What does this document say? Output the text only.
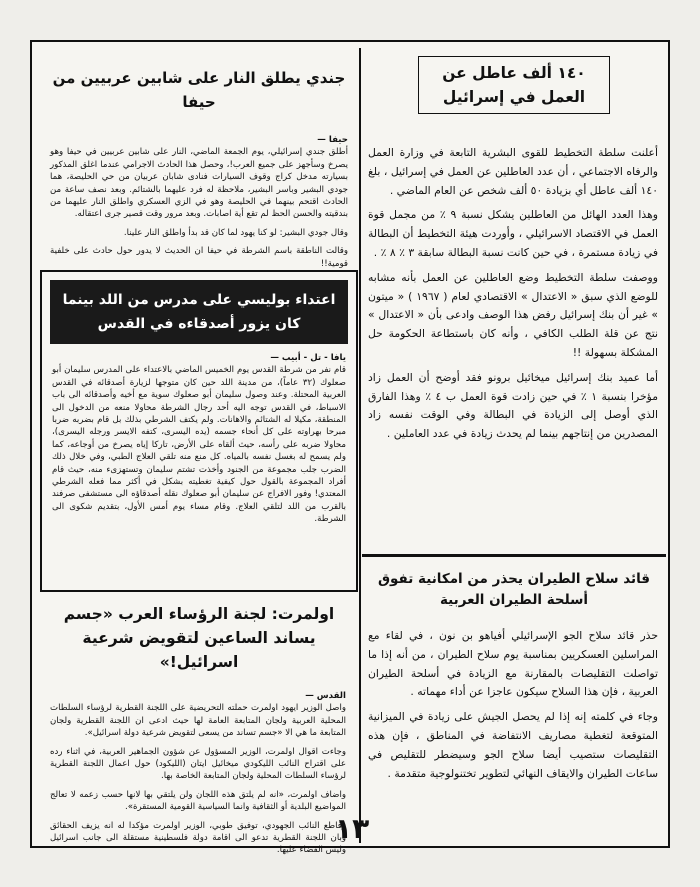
١٤٠ ألف عاطل عن العمل في إسرائيل

أعلنت سلطة التخطيط للقوى البشرية التابعة في وزارة العمل والرفاه الاجتماعي ، أن عدد العاطلين عن العمل في إسرائيل ، بلغ ١٤٠ ألف عاطل أي بزيادة ٥٠ ألف شخص عن العام الماضي .

وهذا العدد الهائل من العاطلين يشكل نسبة ٩ ٪ من مجمل قوة العمل في الاقتصاد الاسرائيلي ، وأوردت هيئة التخطيط أن البطالة في زيادة مستمرة ، في حين كانت نسبة البطالة سابقة ٣ ٪ ٨ ٪ .

ووصفت سلطة التخطيط وضع العاطلين عن العمل بأنه مشابه للوضع الذي سبق « الاعتدال » الاقتصادي لعام ( ١٩٦٧ ) « ميتون » غير أن بنك إسرائيل رفض هذا الوصف وادعى بأن « الاعتدال » نتج عن قلة الطلب الكافي ، وأنه كان باستطاعة الحكومة حل المشكلة بسهولة !!

أما عميد بنك إسرائيل ميخائيل برونو فقد أوضح أن العمل زاد مؤخرا بنسبة ١ ٪ في حين زادت قوة العمل ب ٤ ٪ وهذا الفارق الذي أوصل إلى الزيادة في البطالة وفي الوقت نفسه زاد المصدرين من إنتاجهم بينما لم يحدث زيادة في عدد العاملين .

قائد سلاح الطيران يحذر من امكانية تفوق أسلحة الطيران العربية

حذر قائد سلاح الجو الإسرائيلي أفياهو بن نون ، في لقاء مع المراسلين العسكريين بمناسبة يوم سلاح الطيران ، من أنه إذا ما تواصلت التقليصات بالمقارنة مع الزيادة في أسلحة الطيران العربية ، فإن هذا السلاح سيكون عاجزا عن أداء مهماته .

وجاء في كلمته إنه إذا لم يحصل الجيش على زيادة في الميزانية المتوقعة لتغطية مصاريف الانتفاضة في المناطق ، فإن هذه التقليصات ستصيب أيضا سلاح الجو وسيضطر للتقليص في ساعات الطيران والايقاف النهائي لتطوير تختنولوجية متقدمة .

جندي يطلق النار على شابين عربيين من حيفا

حيفا —

أطلق جندي إسرائيلي، يوم الجمعة الماضي، النار على شابين عربيين في حيفا وهو يصرخ وسأجهز على جميع العرب!، وحصل هذا الحادث الاجرامي عندما اغلق المذكور بسيارته مدخل كراج وقوف السيارات فنادى شابان عربيان من حي الحليصة، هما جودي البشير وباسر البشير، ملاحظة له فرد عليهما بالشتائم. وبعد نصف ساعة من الحادث اقتحم بينهما في الحليصة وهو في الزي العسكري واطلق النار عليهما من بندقيته والحسن الحظ لم تقع أية اصابات. وبعد مرور وقت قصير جرى اعتقاله.

وقال جودي البشير: لو كنا يهود لما كان قد بدأ واطلق النار علينا.

وقالت الناطقة باسم الشرطة في حيفا ان الحديث لا يدور حول حادث على خلفية قومية!!

اعتداء بوليسي على مدرس من اللد بينما كان يزور أصدقاءه في القدس

يافا - تل - أبيب —

قام نفر من شرطة القدس يوم الخميس الماضي بالاعتداء على المدرس سليمان أبو صعلوك (٣٢ عاماً)، من مدينة اللد حين كان متوجها لزيارة أصدقائه في القدس العربية المحتلة. وعند وصول سليمان أبو صعلوك سوية مع أخيه وأصدقائه الى باب الاسباط، في القدس توجه اليه أحد رجال الشرطة محاولا منعه من الدخول الى المنطقة، مكيلا له الشتائم والاهانات. ولم يكتف الشرطي بذلك بل قام بضربه ضربا مبرحا بهراوته على كل أنحاء جسمه (يده اليسرى، كتفه الايسر ورجله اليسرى)، محاولا ضربه على رأسه، حيث ألقاه على الأرض، تاركا إياه يصرخ من أوجاعه، كما ولم يسمح له بغسل نفسه بالمياه. كل منع منه تلقي العلاج الطبي، وفي خلال ذلك الضرب جلب مجموعة من الجنود وأخذت تشتم سليمان وتستهزىء منه، حيث قام أفراد المجموعة بالقول حول كيفية تغطيته بشكل في أكثر مما فعله الشرطي المعتدي! وفور الافراج عن سليمان أبو صعلوك نقله أصدقاؤه الى مستشفى صرفند بالقرب من اللد لتلقي العلاج. وقام مساء يوم أمس الأول، بتقديم شكوى الى الشرطة.

اولمرت: لجنة الرؤساء العرب «جسم يساند الساعين لتقويض شرعية اسرائيل!»

القدس —

واصل الوزير ايهود اولمرت حملته التحريضية على اللجنة القطرية لرؤساء السلطات المحلية العربية ولجان المتابعة العامة لها حيث ادعى ان اللجنة القطرية ولجان المتابعة ما هي الا «جسم تساند من يسعى لتقويض شرعية دولة اسرائيل».

وجاءت اقوال اولمرت، الوزير المسؤول عن شؤون الجماهير العربية، في اثناء رده على اقتراح النائب الليكودي ميخائيل ايتان (الليكود) حول اعمال اللجنة القطرية لرؤساء السلطات المحلية ولجان المتابعة الخاصة بها.

واضاف اولمرت، «انه لم يلتق هذه اللجان ولن يلتقي بها لانها حسب زعمه لا تعالج المواضيع البلدية أو الثقافية وانما السياسية القومية المستقرة».

وقاطع النائب الجهودي، توفيق طوبي، الوزير اولمرت مؤكدا له انه يزيف الحقائق وبان اللجنة القطرية تدعو الى اقامة دولة فلسطينية مستقلة الى جانب اسرائيل وليس القضاء عليها.

١٣
